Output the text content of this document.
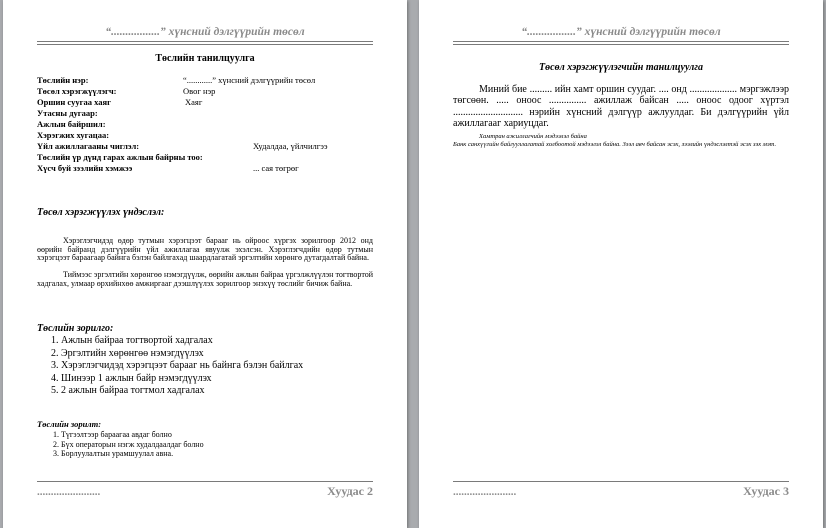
“.................” хүнсний дэлгүүрийн төсөл
Төслийн танилцуулга
Төслийн нэр:	“............” хүнсний дэлгүүрийн төсөл
Төсөл хэрэгжүүлэгч:	Овог нэр
Оршин суугаа хаяг	Хаяг
Утасны дугаар:
Ажлын байршил:
Хэрэгжих хугацаа:
Үйл ажиллагааны чиглэл:	Худалдаа, үйлчилгээ
Төслийн үр дүнд гарах ажлын байрны тоо:
Хүсч буй зээлийн хэмжээ	... сая төгрөг
Төсөл хэрэгжүүлэх үндэслэл:
Хэрэглэгчидэд өдөр тутмын хэрэгцээт барааг нь ойроос хүргэх зорилгоор 2012 онд өөрийн байранд дэлгүүрийн үйл ажиллагаа явуулж эхэлсэн. Хэрэглэгчдийн өдөр тутмын хэрэгцээт бараагаар байнга бэлэн байлгахад шаардлагатай эргэлтийн хөрөнгө дутагдалтай байна.
Тиймээс эргэлтийн хөрөнгөө нэмэгдүүлж, өөрийн ажлын байраа үргэлжлүүлэн тогтвортой хадгалах, улмаар өрхийнхөө амжиргааг дээшлүүлэх зорилгоор энэхүү төслийг бичиж байна.
Төслийн зорилго:
1. Ажлын байраа тогтвортой хадгалах
2. Эргэлтийн хөрөнгөө нэмэгдүүлэх
3. Хэрэглэгчидэд хэрэгцээт барааг нь байнга бэлэн байлгах
4. Шинээр 1 ажлын байр нэмэгдүүлэх
5. 2 ажлын байраа тогтмол хадгалах
Төслийн зорилт:
1. Түгээлтээр бараагаа авдаг болно
2. Бүх операторын нэгж худалдаалдаг болно
3. Борлуулалтын урамшуулал авна.
.......................	Хуудас 2
“.................” хүнсний дэлгүүрийн төсөл
Төсөл хэрэгжүүлэгчийн танилцуулга
Миний бие ......... ийн хамт оршин суудаг. .... онд ................... мэргэжлээр төгсөөн. ..... оноос ............... ажиллаж байсан ..... оноос одоог хүртэл ............................ нэрийн хүнсний дэлгүүр ажлуулдаг. Би дэлгүүрийн үйл ажиллагааг хариуцдаг.
Хамтран ажиллагчийн мэдээлэл байна
Банк санхүүгийн байгууллагатай холбоотой мэдээлэл байна. Зээл авч байсан эсэх, зээлийн үндэслэлтэй эсэх зэх мэт.
.......................	Хуудас 3
